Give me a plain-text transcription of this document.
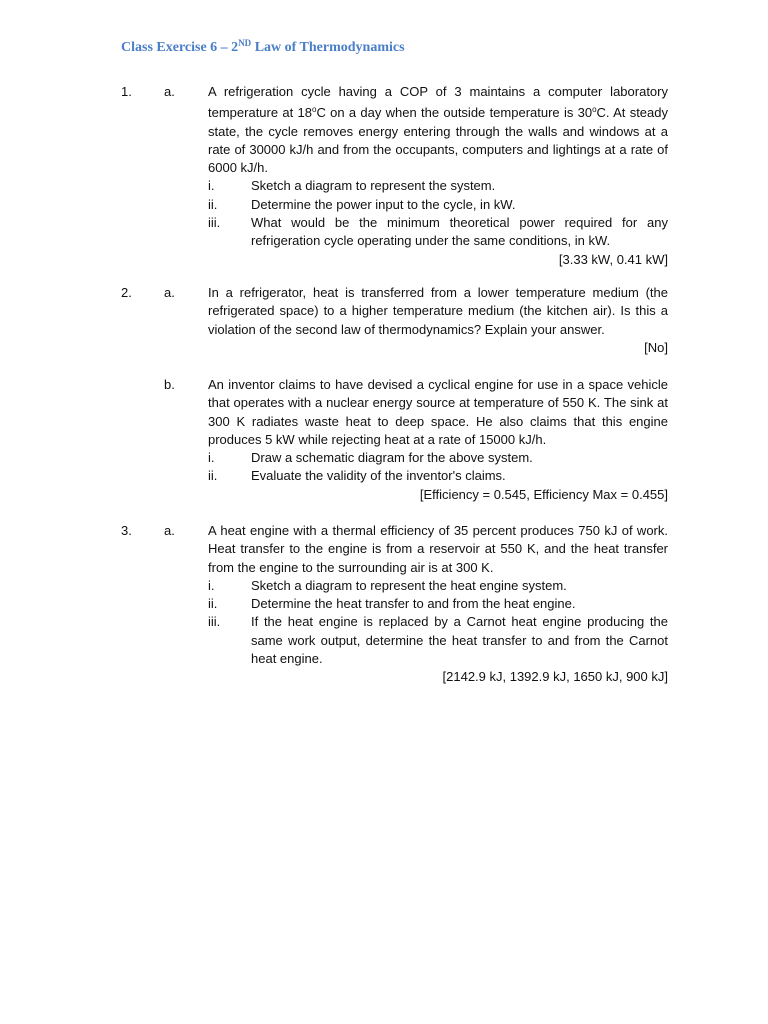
Class Exercise 6 – 2ND Law of Thermodynamics
1. a.	A refrigeration cycle having a COP of 3 maintains a computer laboratory temperature at 18$^o$C on a day when the outside temperature is 30$^o$C. At steady state, the cycle removes energy entering through the walls and windows at a rate of 30000 kJ/h and from the occupants, computers and lightings at a rate of 6000 kJ/h.
i.	Sketch a diagram to represent the system.
ii.	Determine the power input to the cycle, in kW.
iii. What would be the minimum theoretical power required for any refrigeration cycle operating under the same conditions, in kW.
[3.33 kW, 0.41 kW]
2. a.	In a refrigerator, heat is transferred from a lower temperature medium (the refrigerated space) to a higher temperature medium (the kitchen air). Is this a violation of the second law of thermodynamics? Explain your answer.
[No]
b.	An inventor claims to have devised a cyclical engine for use in a space vehicle that operates with a nuclear energy source at temperature of 550 K. The sink at 300 K radiates waste heat to deep space. He also claims that this engine produces 5 kW while rejecting heat at a rate of 15000 kJ/h.
i.	Draw a schematic diagram for the above system.
ii.	Evaluate the validity of the inventor's claims.
[Efficiency = 0.545, Efficiency Max = 0.455]
3. a.	A heat engine with a thermal efficiency of 35 percent produces 750 kJ of work. Heat transfer to the engine is from a reservoir at 550 K, and the heat transfer from the engine to the surrounding air is at 300 K.
i.	Sketch a diagram to represent the heat engine system.
ii.	Determine the heat transfer to and from the heat engine.
iii. If the heat engine is replaced by a Carnot heat engine producing the same work output, determine the heat transfer to and from the Carnot heat engine.
[2142.9 kJ, 1392.9 kJ, 1650 kJ, 900 kJ]
